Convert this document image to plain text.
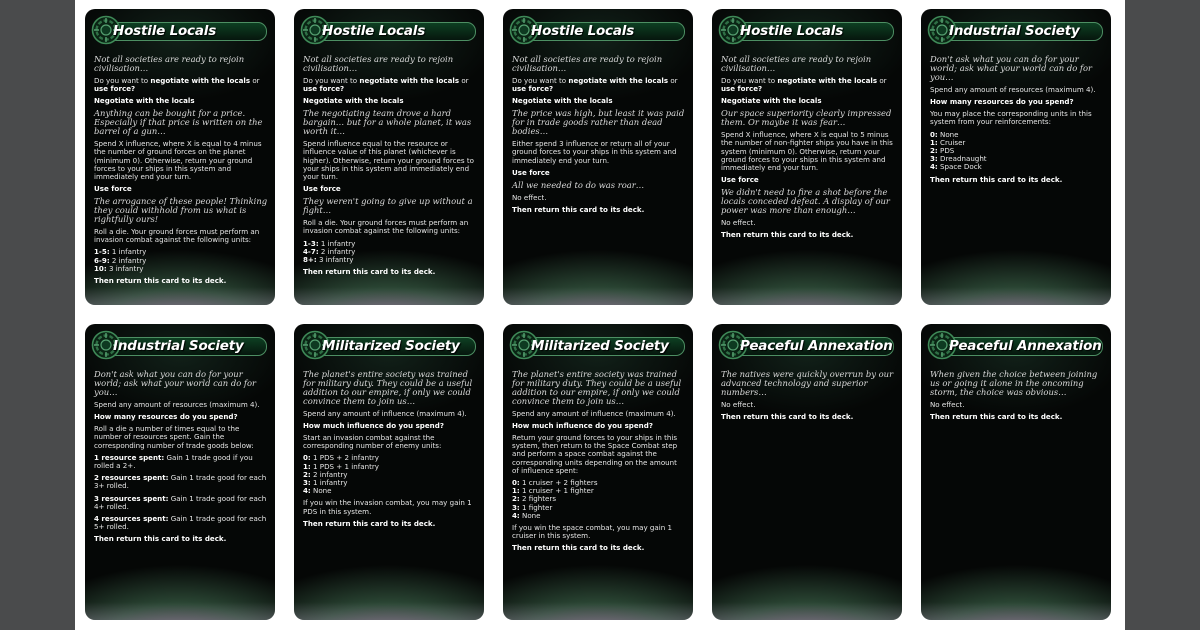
Hostile Locals
Not all societies are ready to rejoin civilisation…
Do you want to negotiate with the locals or use force?
Negotiate with the locals
Anything can be bought for a price. Especially if that price is written on the barrel of a gun…
Spend X influence, where X is equal to 4 minus the number of ground forces on the planet (minimum 0). Otherwise, return your ground forces to your ships in this system and immediately end your turn.
Use force
The arrogance of these people! Thinking they could withhold from us what is rightfully ours!
Roll a die. Your ground forces must perform an invasion combat against the following units:
1-5: 1 infantry
6-9: 2 infantry
10: 3 infantry
Then return this card to its deck.
Hostile Locals
Not all societies are ready to rejoin civilisation…
Do you want to negotiate with the locals or use force?
Negotiate with the locals
The negotiating team drove a hard bargain… but for a whole planet, it was worth it…
Spend influence equal to the resource or influence value of this planet (whichever is higher). Otherwise, return your ground forces to your ships in this system and immediately end your turn.
Use force
They weren't going to give up without a fight…
Roll a die. Your ground forces must perform an invasion combat against the following units:
1-3: 1 infantry
4-7: 2 infantry
8+: 3 infantry
Then return this card to its deck.
Hostile Locals
Not all societies are ready to rejoin civilisation…
Do you want to negotiate with the locals or use force?
Negotiate with the locals
The price was high, but least it was paid for in trade goods rather than dead bodies…
Either spend 3 influence or return all of your ground forces to your ships in this system and immediately end your turn.
Use force
All we needed to do was roar…
No effect.
Then return this card to its deck.
Hostile Locals
Not all societies are ready to rejoin civilisation…
Do you want to negotiate with the locals or use force?
Negotiate with the locals
Our space superiority clearly impressed them. Or maybe it was fear…
Spend X influence, where X is equal to 5 minus the number of non-fighter ships you have in this system (minimum 0). Otherwise, return your ground forces to your ships in this system and immediately end your turn.
Use force
We didn't need to fire a shot before the locals conceded defeat. A display of our power was more than enough…
No effect.
Then return this card to its deck.
Industrial Society
Don't ask what you can do for your world; ask what your world can do for you…
Spend any amount of resources (maximum 4).
How many resources do you spend?
You may place the corresponding units in this system from your reinforcements:
0: None
1: Cruiser
2: PDS
3: Dreadnaught
4: Space Dock
Then return this card to its deck.
Industrial Society
Don't ask what you can do for your world; ask what your world can do for you…
Spend any amount of resources (maximum 4).
How many resources do you spend?
Roll a die a number of times equal to the number of resources spent. Gain the corresponding number of trade goods below:
1 resource spent: Gain 1 trade good if you rolled a 2+.
2 resources spent: Gain 1 trade good for each 3+ rolled.
3 resources spent: Gain 1 trade good for each 4+ rolled.
4 resources spent: Gain 1 trade good for each 5+ rolled.
Then return this card to its deck.
Militarized Society
The planet's entire society was trained for military duty. They could be a useful addition to our empire, if only we could convince them to join us…
Spend any amount of influence (maximum 4).
How much influence do you spend?
Start an invasion combat against the corresponding number of enemy units:
0: 1 PDS + 2 infantry
1: 1 PDS + 1 infantry
2: 2 infantry
3: 1 infantry
4: None
If you win the invasion combat, you may gain 1 PDS in this system.
Then return this card to its deck.
Militarized Society
The planet's entire society was trained for military duty. They could be a useful addition to our empire, if only we could convince them to join us…
Spend any amount of influence (maximum 4).
How much influence do you spend?
Return your ground forces to your ships in this system, then return to the Space Combat step and perform a space combat against the corresponding units depending on the amount of influence spent:
0: 1 cruiser + 2 fighters
1: 1 cruiser + 1 fighter
2: 2 fighters
3: 1 fighter
4: None
If you win the space combat, you may gain 1 cruiser in this system.
Then return this card to its deck.
Peaceful Annexation
The natives were quickly overrun by our advanced technology and superior numbers…
No effect.
Then return this card to its deck.
Peaceful Annexation
When given the choice between joining us or going it alone in the oncoming storm, the choice was obvious…
No effect.
Then return this card to its deck.
